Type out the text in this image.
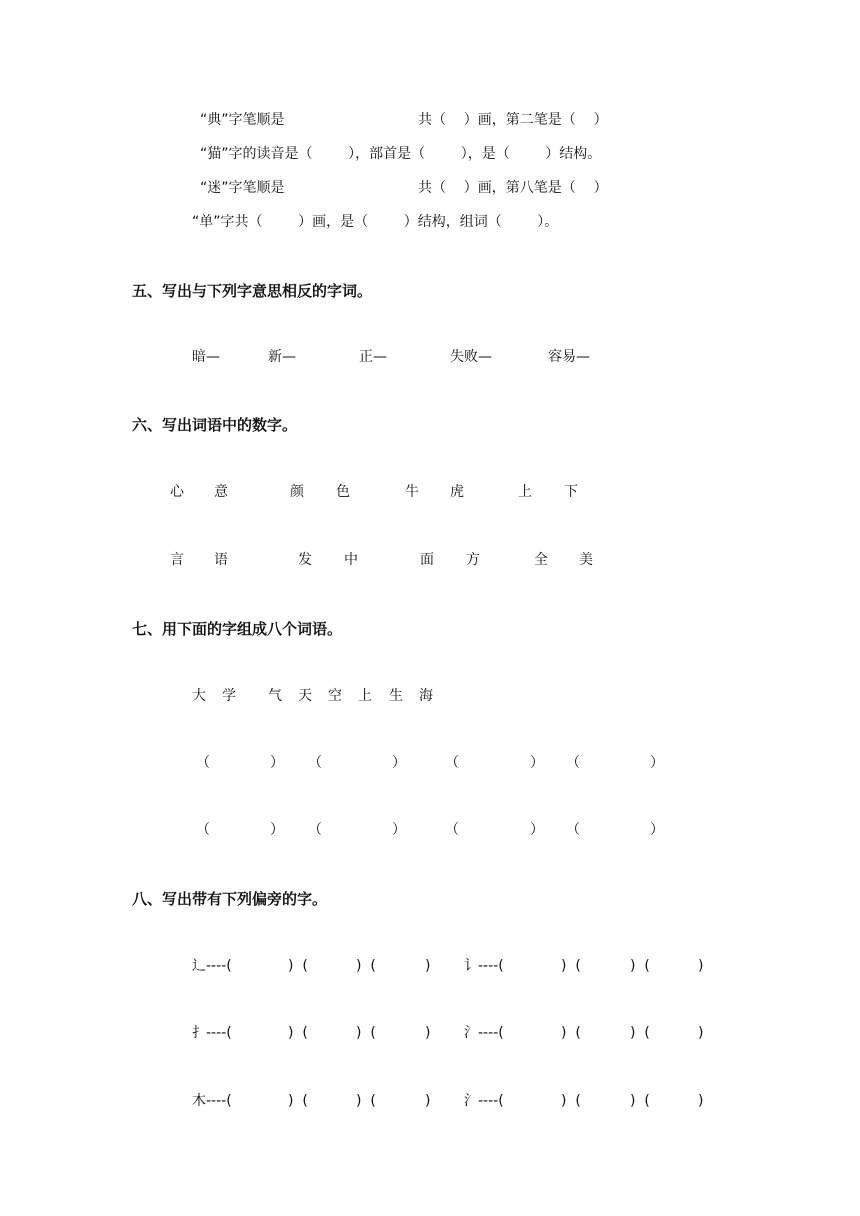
“典”字笔顺是                              共（    ）画，第二笔是（    ）
“猫”字的读音是（        ），部首是（        ），是（        ）结构。
“迷”字笔顺是                              共（    ）画，第八笔是（    ）
“单”字共（        ）画，是（        ）结构，组词（        ）。
五、写出与下列字意思相反的字词。
暗—	新—	正—	失败—	容易—
六、写出词语中的数字。
心 意	颜 色	牛 虎	上 下
言 语	发 中	面 方	全 美
七、用下面的字组成八个词语。
大 学 气 天 空 上 生 海
（	） （	）	（	） （	）
（	） （	）	（	） （	）
八、写出带有下列偏旁的字。
辶----(	)  (	)  (	) 讠----(	)  (	)  (	)
扌----(	)  (	)  (	) 氵----(	)  (	)  (	)
木----(	)  (	)  (	) 氵----(	)  (	)  (	)
